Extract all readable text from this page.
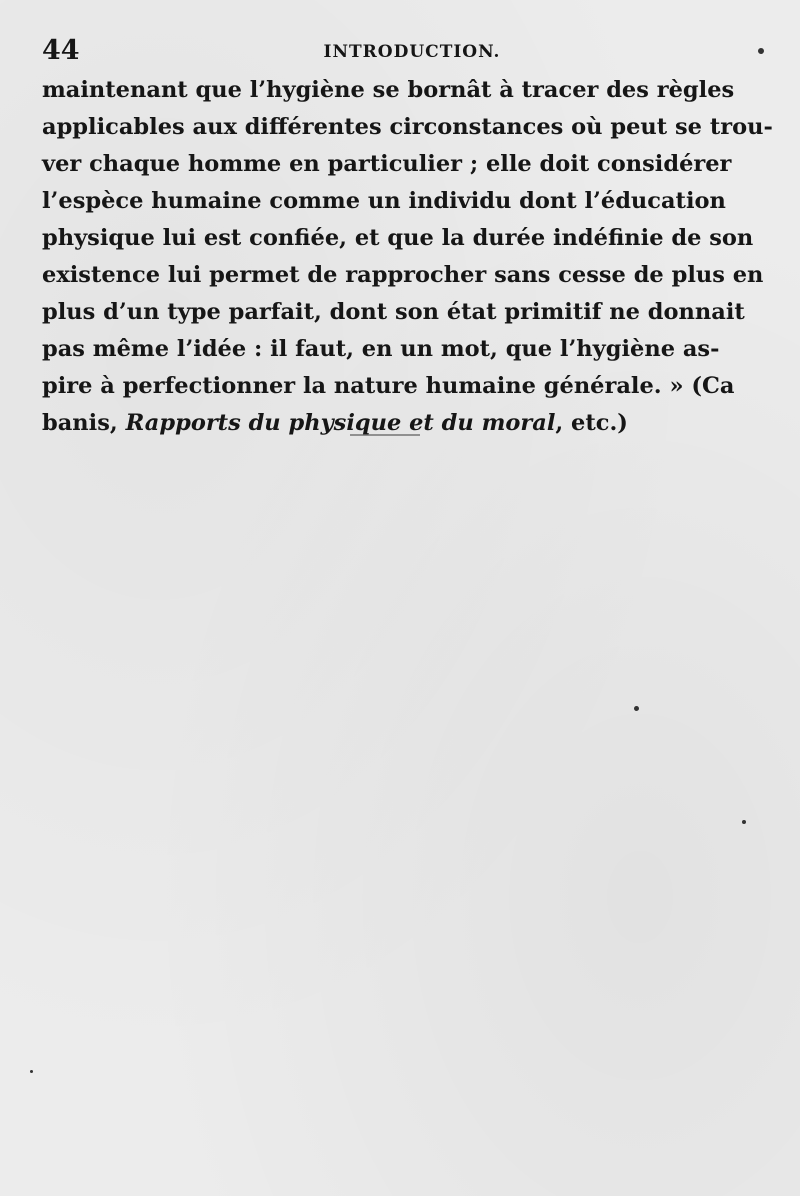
44	INTRODUCTION.
maintenant que l’hygiène se bornât à tracer des règles
applicables aux différentes circonstances où peut se trou-
ver chaque homme en particulier ; elle doit considérer
l’espèce humaine comme un individu dont l’éducation
physique lui est confiée, et que la durée indéfinie de son
existence lui permet de rapprocher sans cesse de plus en
plus d’un type parfait, dont son état primitif ne donnait
pas même l’idée : il faut, en un mot, que l’hygiène as-
pire à perfectionner la nature humaine générale. » (Ca
banis, Rapports du physique et du moral, etc.)
